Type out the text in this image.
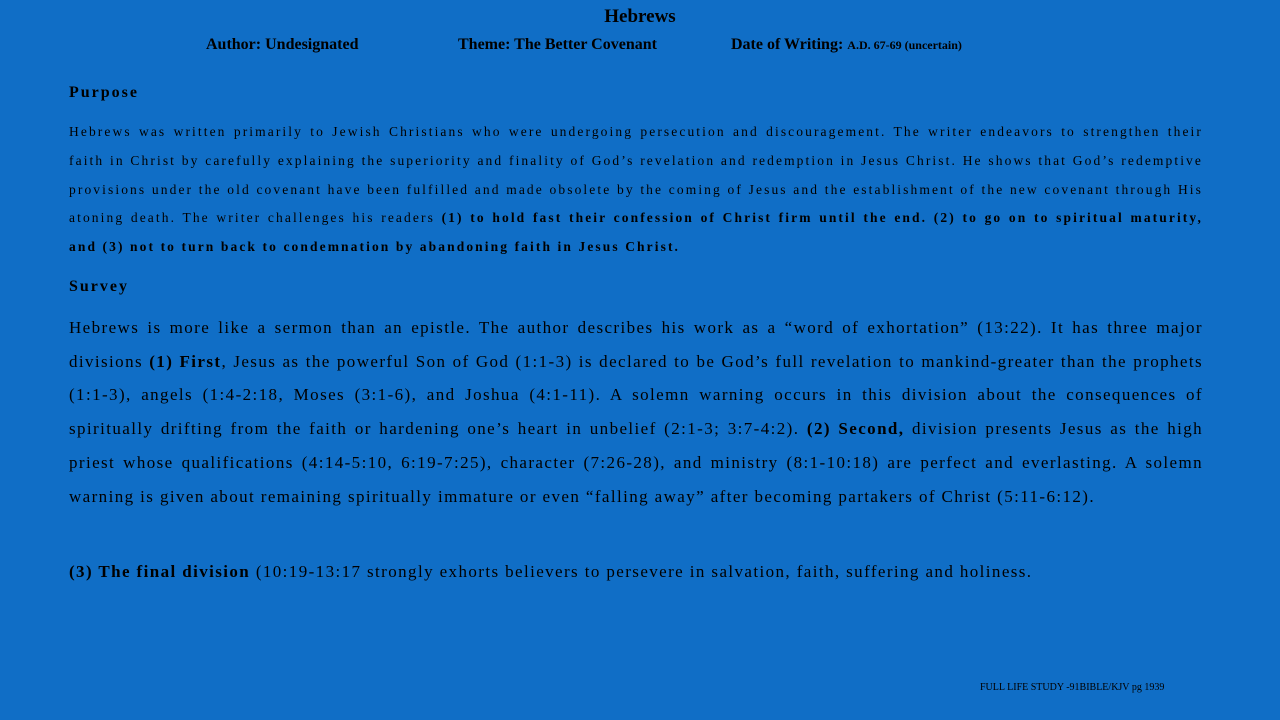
Hebrews
Author: Undesignated	Theme: The Better Covenant	Date of Writing: A.D. 67-69 (uncertain)
Purpose

Hebrews was written primarily to Jewish Christians who were undergoing persecution and discouragement. The writer endeavors to strengthen their faith in Christ by carefully explaining the superiority and finality of God’s revelation and redemption in Jesus Christ. He shows that God’s redemptive provisions under the old covenant have been fulfilled and made obsolete by the coming of Jesus and the establishment of the new covenant through His atoning death. The writer challenges his readers (1) to hold fast their confession of Christ firm until the end. (2) to go on to spiritual maturity, and (3) not to turn back to condemnation by abandoning faith in Jesus Christ.

Survey

Hebrews is more like a sermon than an epistle. The author describes his work as a “word of exhortation” (13:22). It has three major divisions (1) First, Jesus as the powerful Son of God (1:1-3) is declared to be God’s full revelation to mankind-greater than the prophets (1:1-3), angels (1:4-2:18, Moses (3:1-6), and Joshua (4:1-11). A solemn warning occurs in this division about the consequences of spiritually drifting from the faith or hardening one’s heart in unbelief (2:1-3; 3:7-4:2). (2) Second, division presents Jesus as the high priest whose qualifications (4:14-5:10, 6:19-7:25), character (7:26-28), and ministry (8:1-10:18) are perfect and everlasting. A solemn warning is given about remaining spiritually immature or even “falling away” after becoming partakers of Christ (5:11-6:12).

(3) The final division (10:19-13:17 strongly exhorts believers to persevere in salvation, faith, suffering and holiness.

FULL LIFE STUDY -91BIBLE/KJV pg 1939
